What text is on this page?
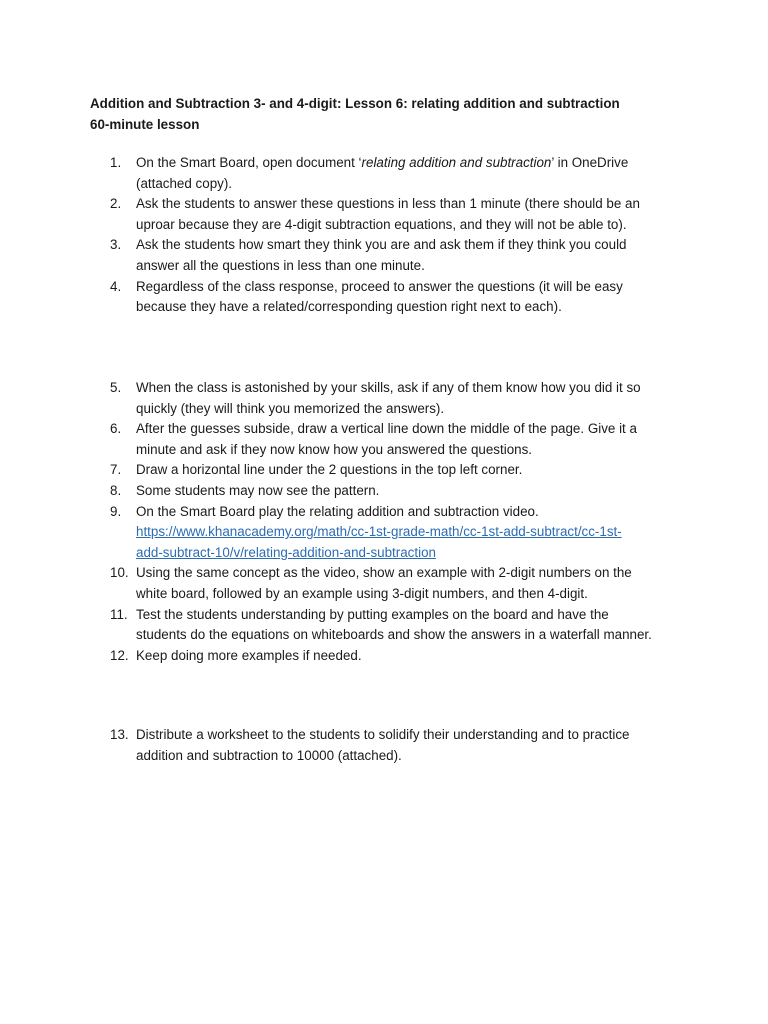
Addition and Subtraction 3- and 4-digit: Lesson 6: relating addition and subtraction
60-minute lesson
1.	On the Smart Board, open document ‘relating addition and subtraction’ in OneDrive
(attached copy).
2.	Ask the students to answer these questions in less than 1 minute (there should be an
uproar because they are 4-digit subtraction equations, and they will not be able to).
3.	Ask the students how smart they think you are and ask them if they think you could
answer all the questions in less than one minute.
4.	Regardless of the class response, proceed to answer the questions (it will be easy
because they have a related/corresponding question right next to each).
5.	When the class is astonished by your skills, ask if any of them know how you did it so
quickly (they will think you memorized the answers).
6.	After the guesses subside, draw a vertical line down the middle of the page. Give it a
minute and ask if they now know how you answered the questions.
7.	Draw a horizontal line under the 2 questions in the top left corner.
8.	Some students may now see the pattern.
9.	On the Smart Board play the relating addition and subtraction video.
https://www.khanacademy.org/math/cc-1st-grade-math/cc-1st-add-subtract/cc-1st-
add-subtract-10/v/relating-addition-and-subtraction
10. Using the same concept as the video, show an example with 2-digit numbers on the
white board, followed by an example using 3-digit numbers, and then 4-digit.
11. Test the students understanding by putting examples on the board and have the
students do the equations on whiteboards and show the answers in a waterfall manner.
12. Keep doing more examples if needed.
13. Distribute a worksheet to the students to solidify their understanding and to practice
addition and subtraction to 10000 (attached).
